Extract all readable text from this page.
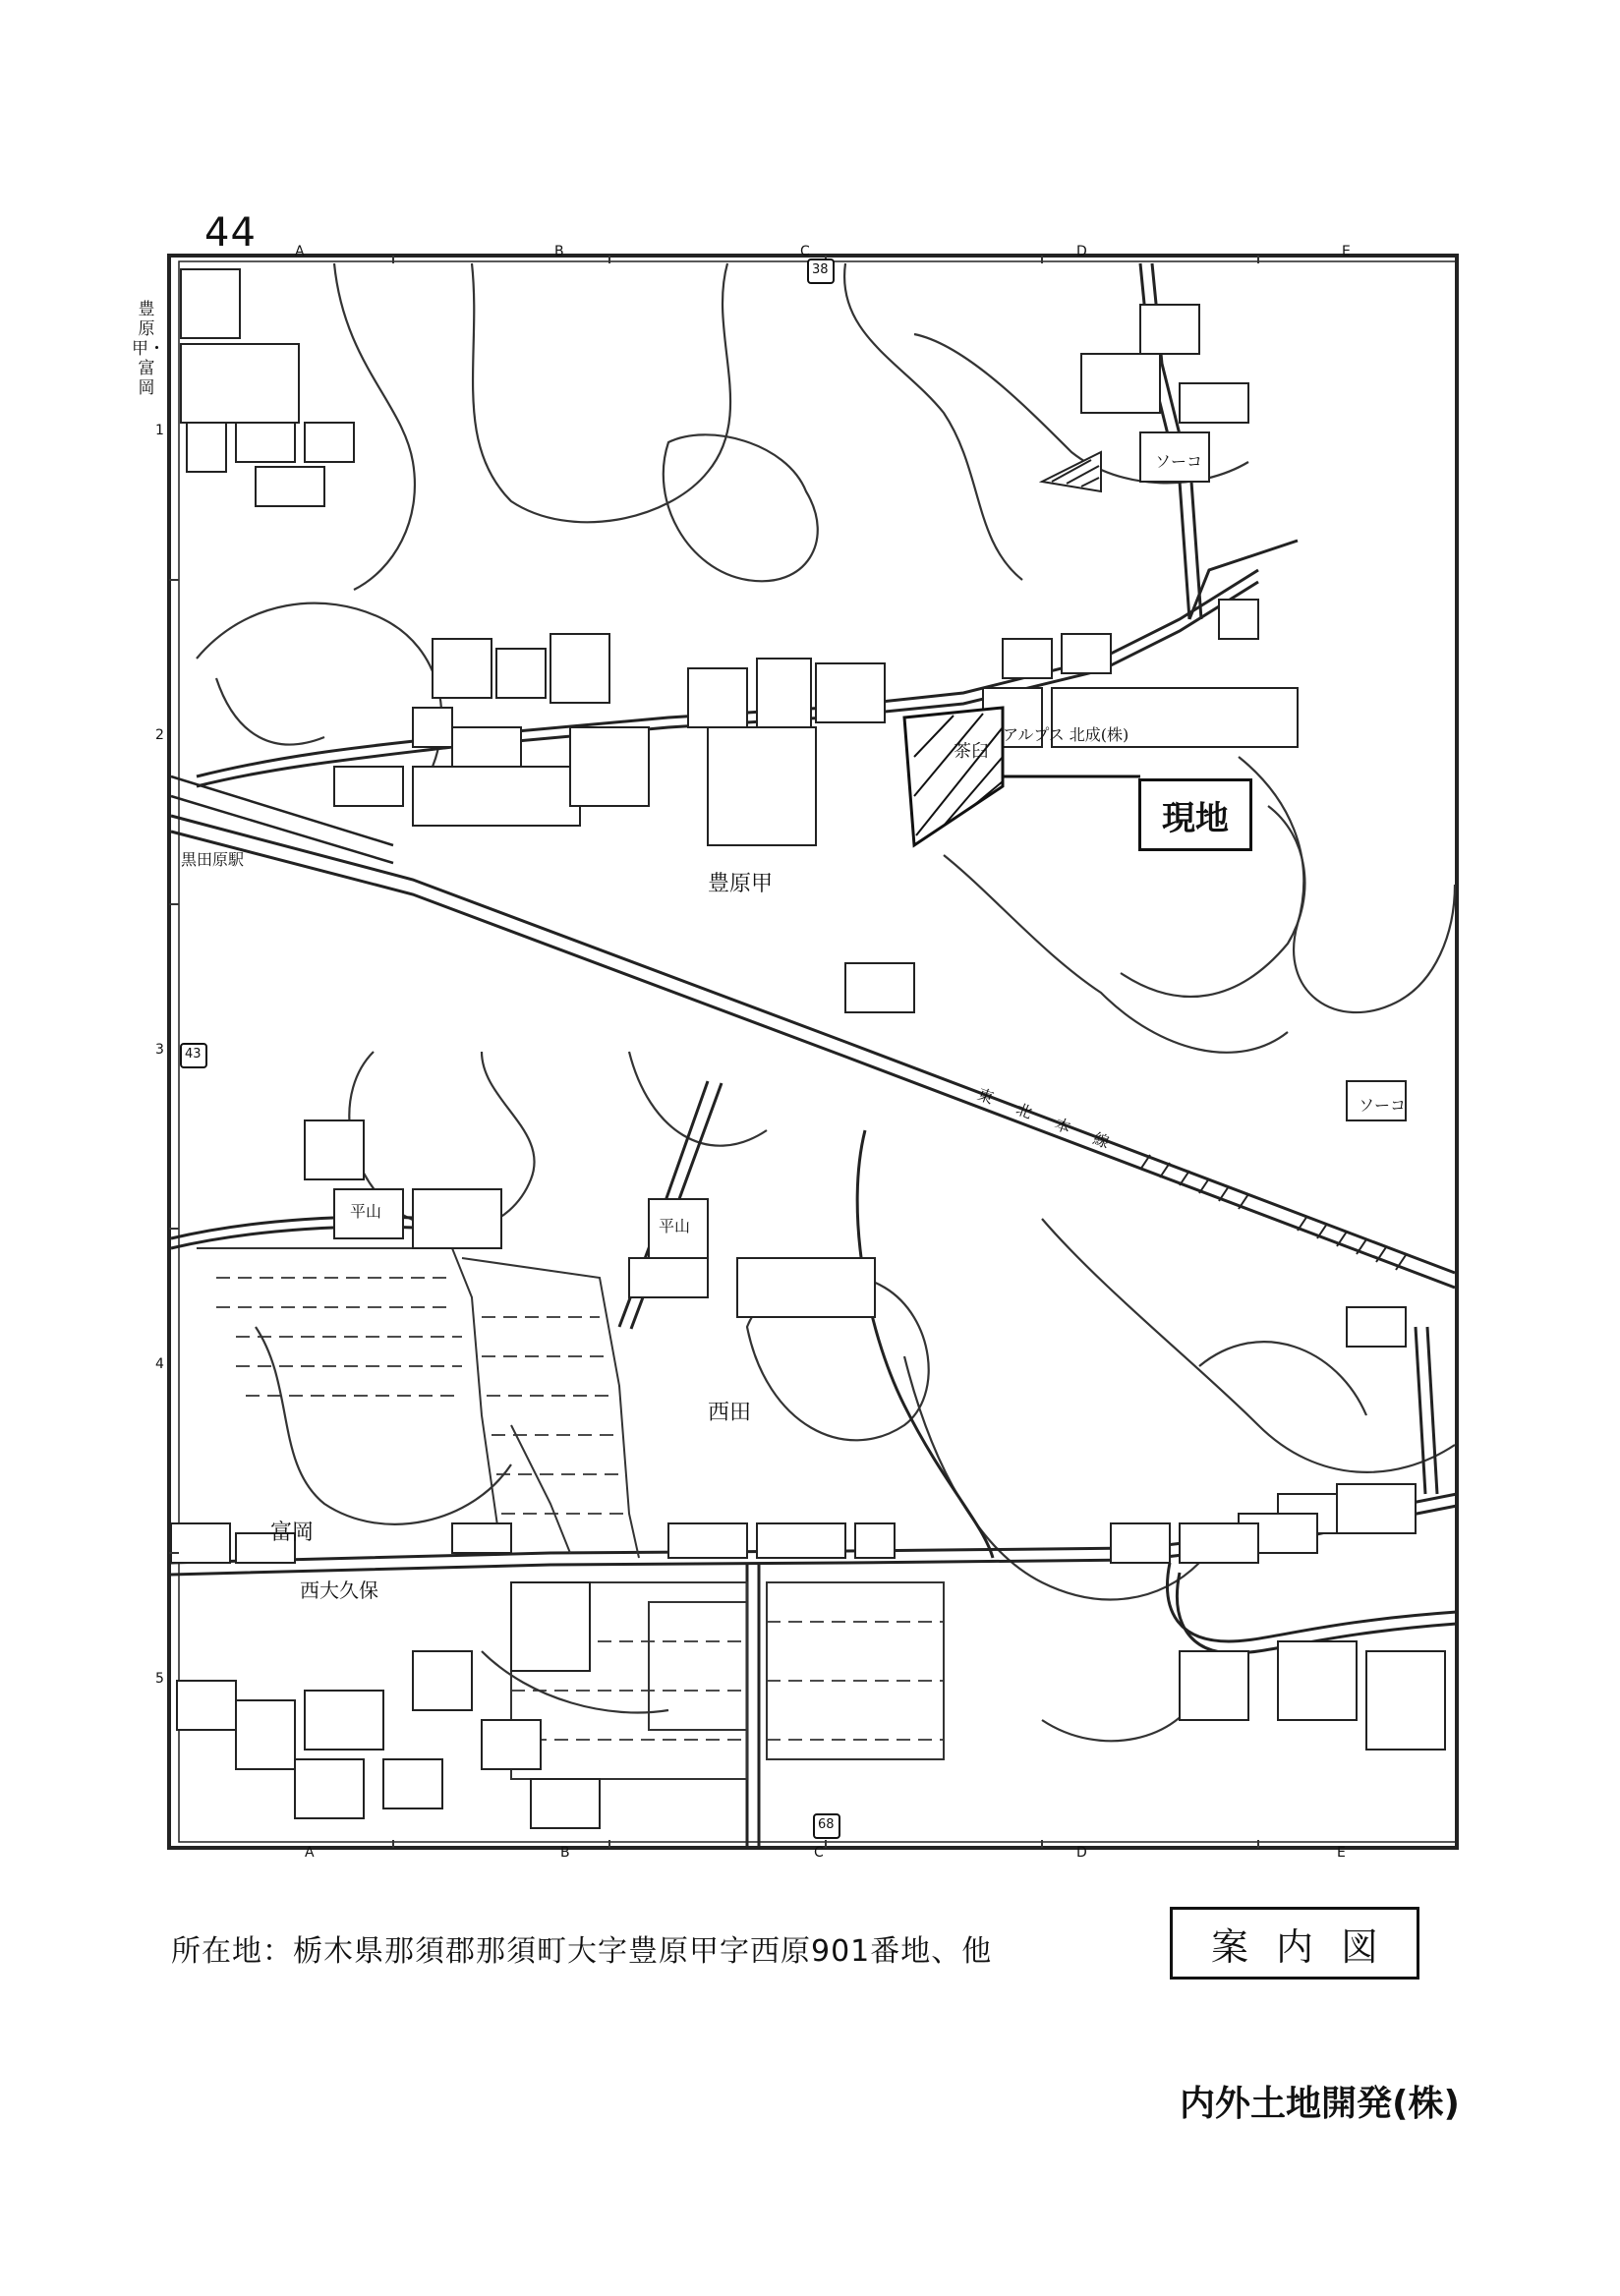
44
豊原甲・富岡
A	B	C	D	E
A	B	C	D	E
1
2
3
4
5
38
43
68
豊原甲
西田
富岡
西大久保
アルプス 北成(株)
ソーコ
ソーコ
平山
平山
茶臼
黒田原駅
東北本線
現地
所在地：栃木県那須郡那須町大字豊原甲字西原901番地、他	案内図
内外土地開発(株)
